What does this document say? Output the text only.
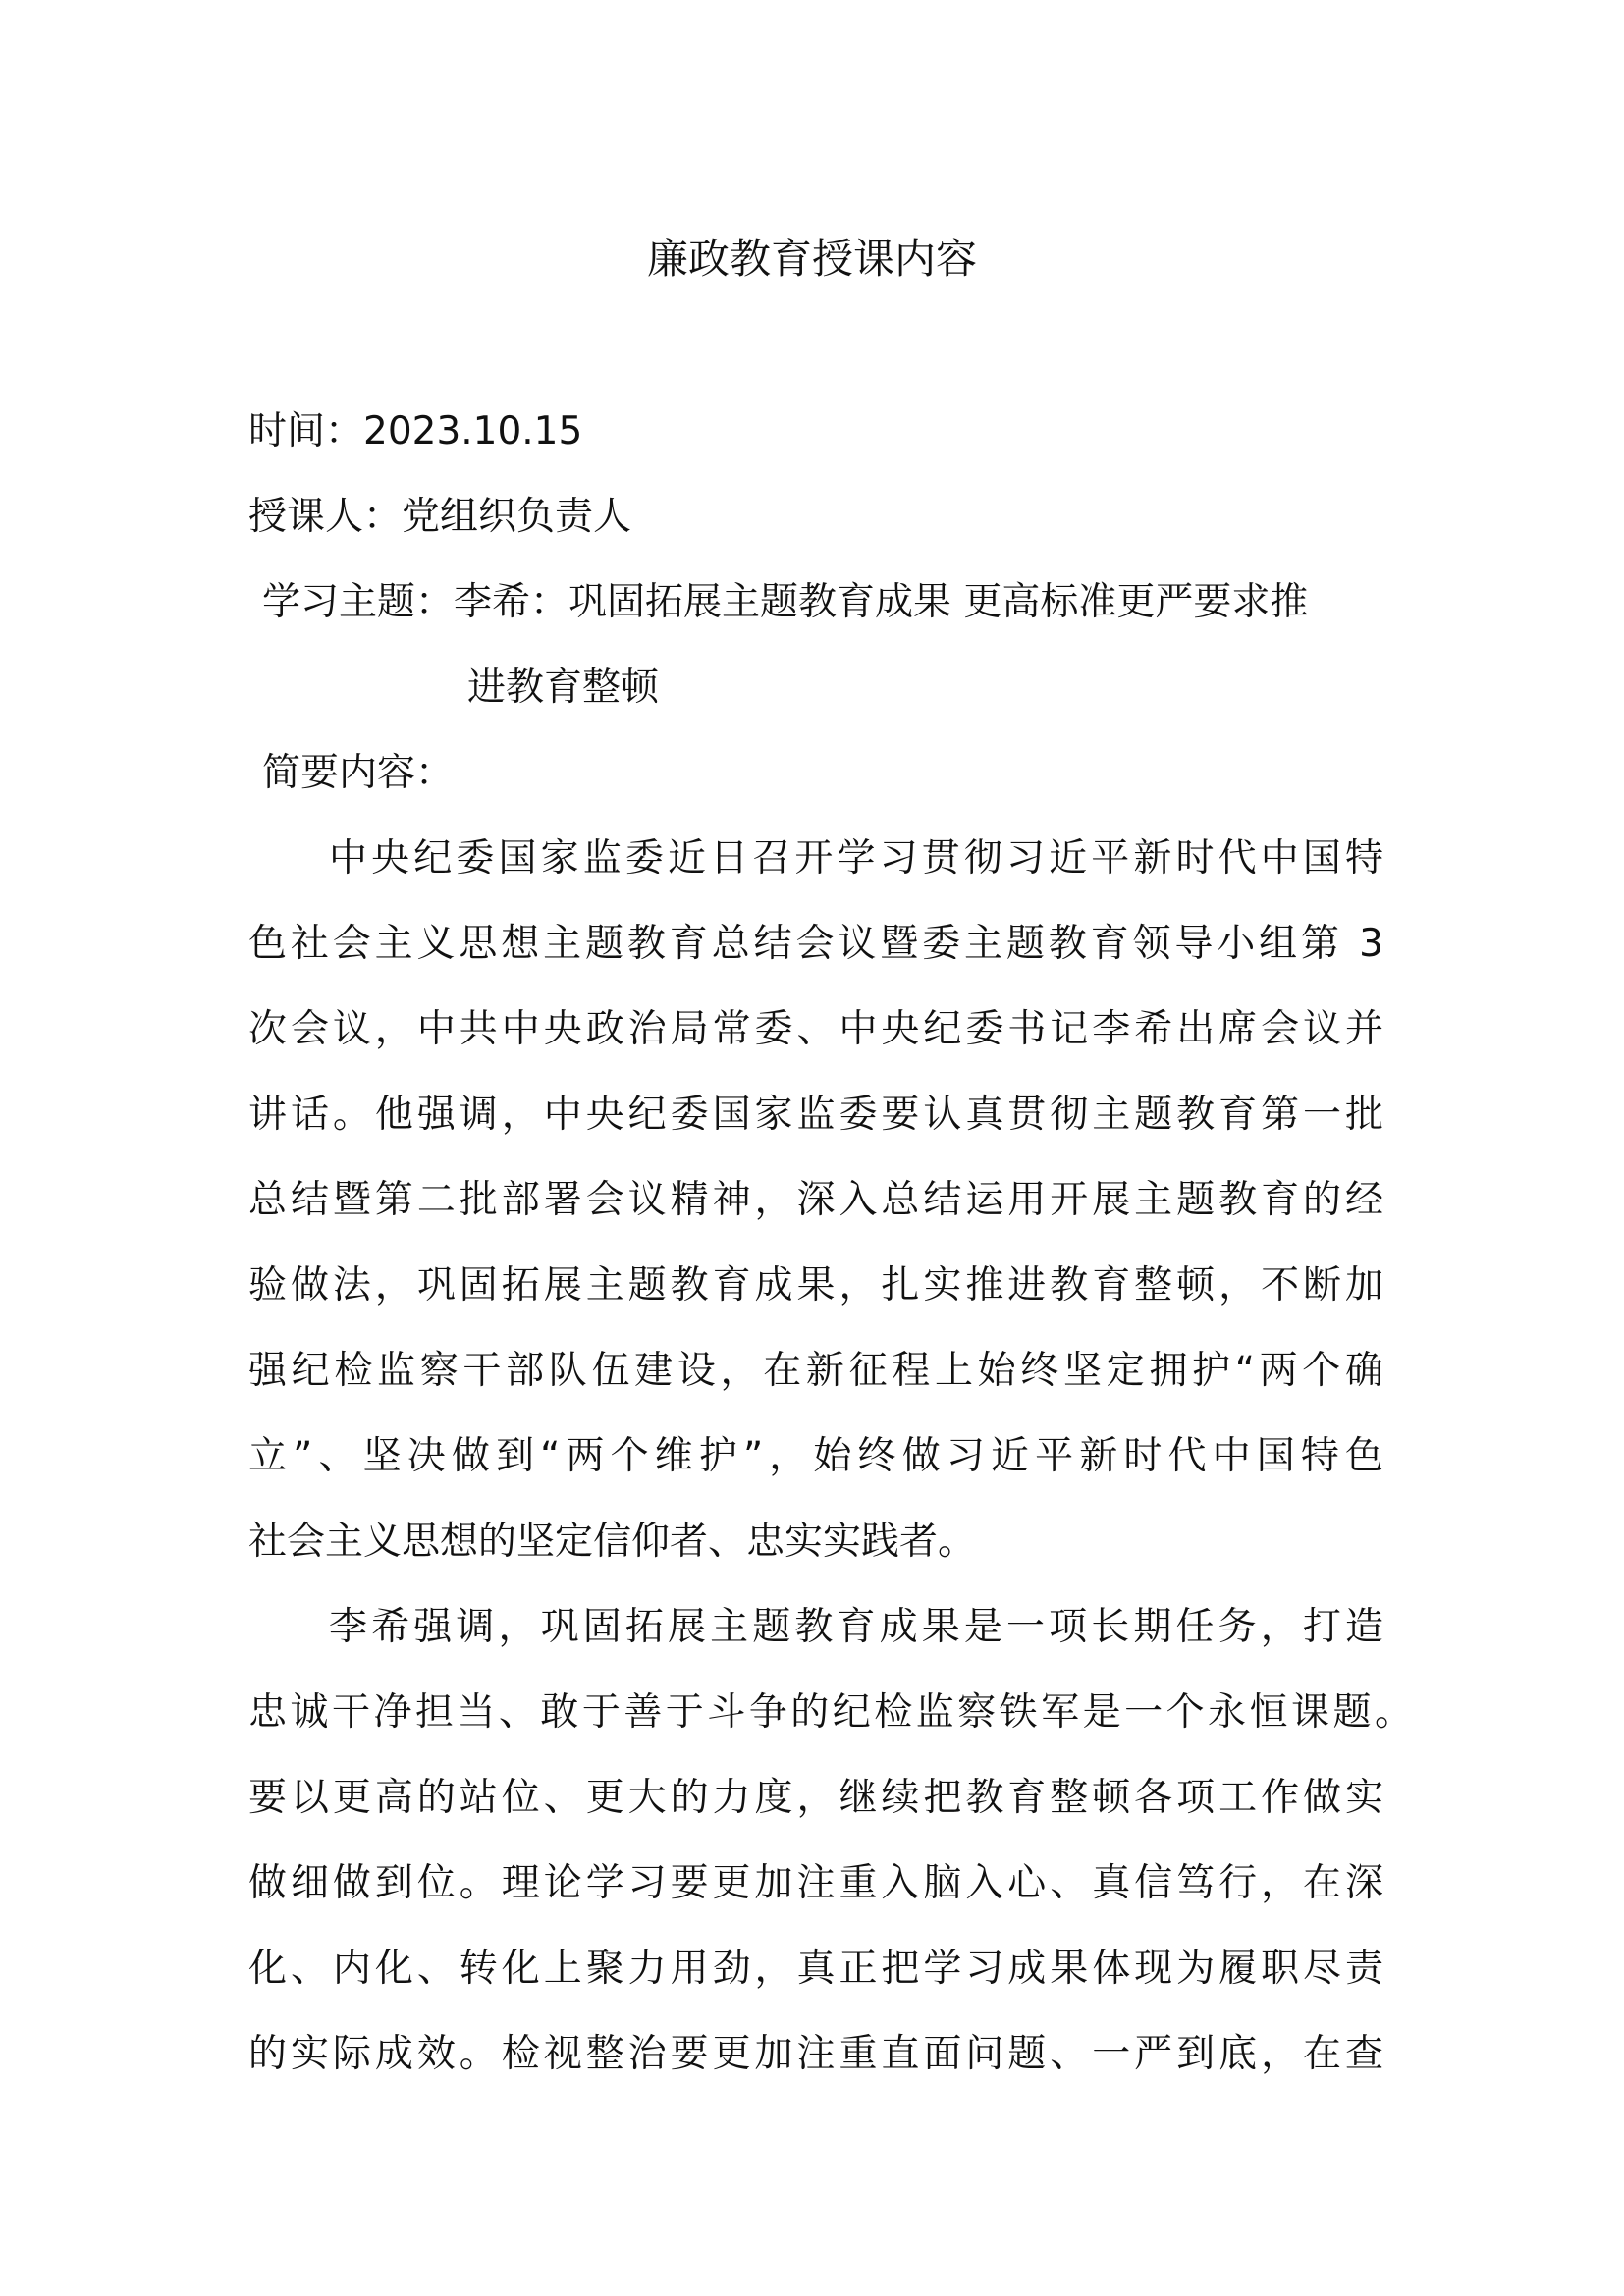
廉政教育授课内容
时间：2023.10.15
授课人：党组织负责人
学习主题：李希：巩固拓展主题教育成果 更高标准更严要求推
进教育整顿
简要内容：
中央纪委国家监委近日召开学习贯彻习近平新时代中国特
色社会主义思想主题教育总结会议暨委主题教育领导小组第 3
次会议，中共中央政治局常委、中央纪委书记李希出席会议并
讲话。他强调，中央纪委国家监委要认真贯彻主题教育第一批
总结暨第二批部署会议精神，深入总结运用开展主题教育的经
验做法，巩固拓展主题教育成果，扎实推进教育整顿，不断加
强纪检监察干部队伍建设，在新征程上始终坚定拥护“两个确
立”、坚决做到“两个维护”，始终做习近平新时代中国特色
社会主义思想的坚定信仰者、忠实实践者。
李希强调，巩固拓展主题教育成果是一项长期任务，打造
忠诚干净担当、敢于善于斗争的纪检监察铁军是一个永恒课题。
要以更高的站位、更大的力度，继续把教育整顿各项工作做实
做细做到位。理论学习要更加注重入脑入心、真信笃行，在深
化、内化、转化上聚力用劲，真正把学习成果体现为履职尽责
的实际成效。检视整治要更加注重直面问题、一严到底，在查
